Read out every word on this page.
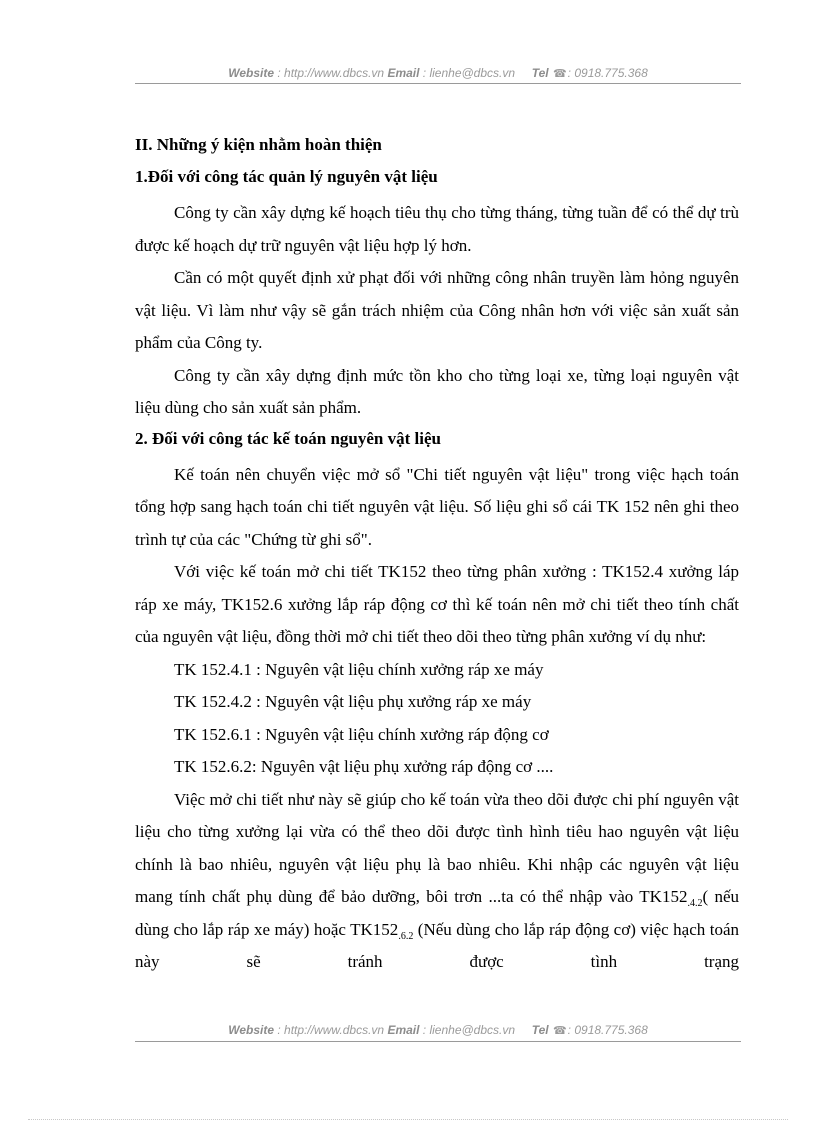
Website : http://www.dbcs.vn Email : lienhe@dbcs.vn Tel ☎: 0918.775.368
II. Những ý kiện nhằm hoàn thiện
1.Đối với công tác quản lý nguyên vật liệu
Công ty cần xây dựng kế hoạch tiêu thụ cho từng tháng, từng tuần để có thể dự trù được kế hoạch dự trữ nguyên vật liệu hợp lý hơn.
Cần có một quyết định xử phạt đối với những công nhân truyền làm hỏng nguyên vật liệu. Vì làm như vậy sẽ gắn trách nhiệm của Công nhân hơn với việc sản xuất sản phẩm của Công ty.
Công ty cần xây dựng định mức tồn kho cho từng loại xe, từng loại nguyên vật liệu dùng cho sản xuất sản phẩm.
2. Đối với công tác kế toán nguyên vật liệu
Kế toán nên chuyển việc mở sổ "Chi tiết nguyên vật liệu" trong việc hạch toán tổng hợp sang hạch toán chi tiết nguyên vật liệu. Số liệu ghi sổ cái TK 152 nên ghi theo trình tự của các "Chứng từ ghi sổ".
Với việc kế toán mở chi tiết TK152 theo từng phân xưởng : TK152.4 xưởng láp ráp xe máy, TK152.6 xưởng lắp ráp động cơ thì kế toán nên mở chi tiết theo tính chất của nguyên vật liệu, đồng thời mở chi tiết theo dõi theo từng phân xưởng ví dụ như:
TK 152.4.1 : Nguyên vật liệu chính xưởng ráp xe máy
TK 152.4.2 : Nguyên vật liệu phụ xưởng ráp xe máy
TK 152.6.1 : Nguyên vật liệu chính xưởng ráp động cơ
TK 152.6.2: Nguyên vật liệu phụ xưởng ráp động cơ ....
Việc mở chi tiết như này sẽ giúp cho kế toán vừa theo dõi được chi phí nguyên vật liệu cho từng xưởng lại vừa có thể theo dõi được tình hình tiêu hao nguyên vật liệu chính là bao nhiêu, nguyên vật liệu phụ là bao nhiêu. Khi nhập các nguyên vật liệu mang tính chất phụ dùng để bảo dưỡng, bôi trơn ...ta có thể nhập vào $TK152_{.4.2}$( nếu dùng cho lắp ráp xe máy) hoặc $TK152_{.6.2}$ (Nếu dùng cho lắp ráp động cơ) việc hạch toán này sẽ tránh được tình trạng
Website : http://www.dbcs.vn Email : lienhe@dbcs.vn Tel ☎: 0918.775.368
